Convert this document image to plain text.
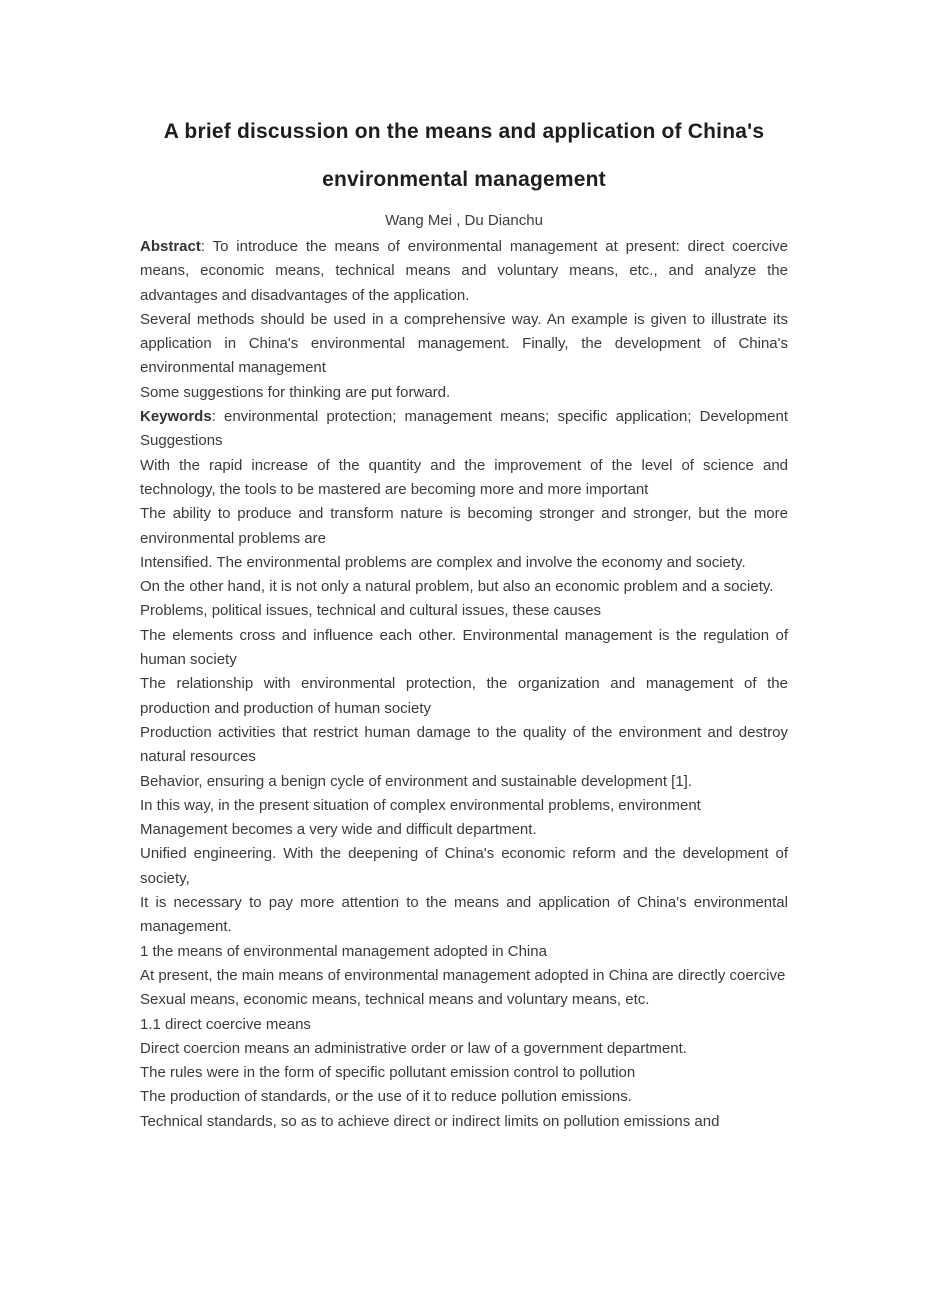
A brief discussion on the means and application of China's
environmental management

Wang Mei , Du Dianchu

Abstract: To introduce the means of environmental management at present: direct coercive means, economic means, technical means and voluntary means, etc., and analyze the advantages and disadvantages of the application.

Several methods should be used in a comprehensive way. An example is given to illustrate its application in China's environmental management. Finally, the development of China's environmental management

Some suggestions for thinking are put forward.

Keywords: environmental protection; management means; specific application; Development Suggestions

With the rapid increase of the quantity and the improvement of the level of science and technology, the tools to be mastered are becoming more and more important

The ability to produce and transform nature is becoming stronger and stronger, but the more environmental problems are

Intensified. The environmental problems are complex and involve the economy and society.

On the other hand, it is not only a natural problem, but also an economic problem and a society.

Problems, political issues, technical and cultural issues, these causes

The elements cross and influence each other. Environmental management is the regulation of human society

The relationship with environmental protection, the organization and management of the production and production of human society

Production activities that restrict human damage to the quality of the environment and destroy natural resources

Behavior, ensuring a benign cycle of environment and sustainable development [1].

In this way, in the present situation of complex environmental problems, environment

Management becomes a very wide and difficult department.

Unified engineering. With the deepening of China's economic reform and the development of society,

It is necessary to pay more attention to the means and application of China's environmental management.

1 the means of environmental management adopted in China

At present, the main means of environmental management adopted in China are directly coercive

Sexual means, economic means, technical means and voluntary means, etc.

1.1 direct coercive means

Direct coercion means an administrative order or law of a government department.

The rules were in the form of specific pollutant emission control to pollution

The production of standards, or the use of it to reduce pollution emissions.

Technical standards, so as to achieve direct or indirect limits on pollution emissions and
